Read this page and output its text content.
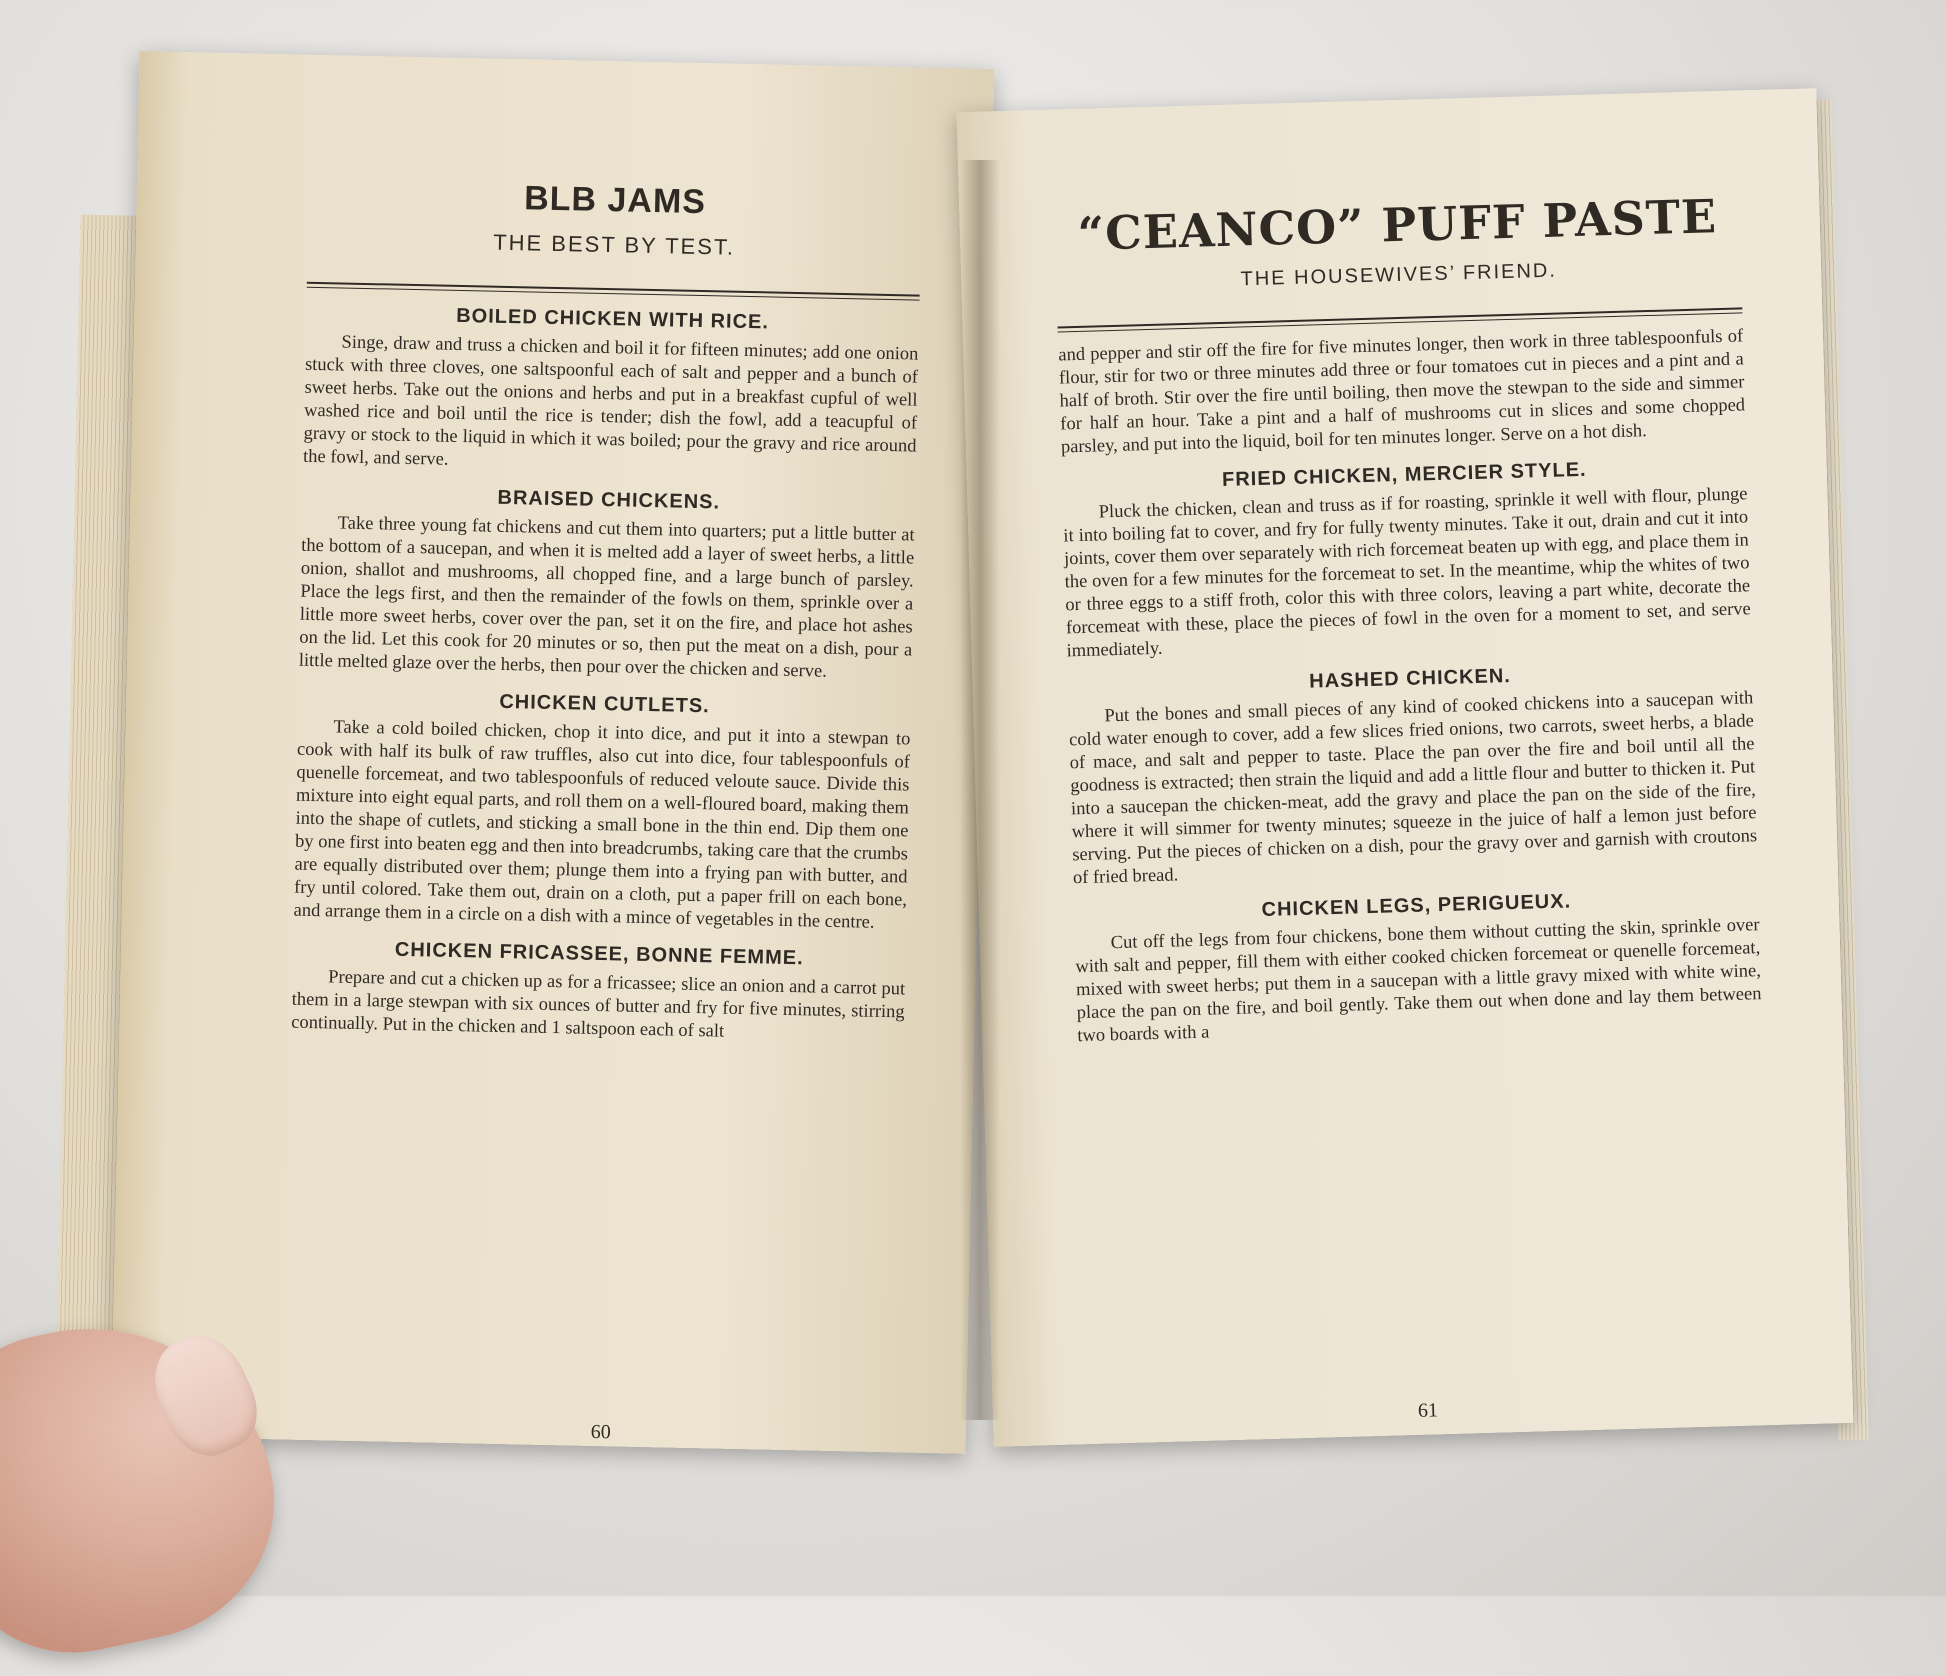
BLB JAMS

THE BEST BY TEST.

BOILED CHICKEN WITH RICE.

Singe, draw and truss a chicken and boil it for fifteen minutes; add one onion stuck with three cloves, one saltspoonful each of salt and pepper and a bunch of sweet herbs. Take out the onions and herbs and put in a breakfast cupful of well washed rice and boil until the rice is tender; dish the fowl, add a teacupful of gravy or stock to the liquid in which it was boiled; pour the gravy and rice around the fowl, and serve.

BRAISED CHICKENS.

Take three young fat chickens and cut them into quarters; put a little butter at the bottom of a saucepan, and when it is melted add a layer of sweet herbs, a little onion, shallot and mushrooms, all chopped fine, and a large bunch of parsley. Place the legs first, and then the remainder of the fowls on them, sprinkle over a little more sweet herbs, cover over the pan, set it on the fire, and place hot ashes on the lid. Let this cook for 20 minutes or so, then put the meat on a dish, pour a little melted glaze over the herbs, then pour over the chicken and serve.

CHICKEN CUTLETS.

Take a cold boiled chicken, chop it into dice, and put it into a stewpan to cook with half its bulk of raw truffles, also cut into dice, four tablespoonfuls of quenelle forcemeat, and two tablespoonfuls of reduced veloute sauce. Divide this mixture into eight equal parts, and roll them on a well-floured board, making them into the shape of cutlets, and sticking a small bone in the thin end. Dip them one by one first into beaten egg and then into breadcrumbs, taking care that the crumbs are equally distributed over them; plunge them into a frying pan with butter, and fry until colored. Take them out, drain on a cloth, put a paper frill on each bone, and arrange them in a circle on a dish with a mince of vegetables in the centre.

CHICKEN FRICASSEE, BONNE FEMME.

Prepare and cut a chicken up as for a fricassee; slice an onion and a carrot put them in a large stewpan with six ounces of butter and fry for five minutes, stirring continually. Put in the chicken and 1 saltspoon each of salt

60
“CEANCO” PUFF PASTE

THE HOUSEWIVES’ FRIEND.

and pepper and stir off the fire for five minutes longer, then work in three tablespoonfuls of flour, stir for two or three minutes add three or four tomatoes cut in pieces and a pint and a half of broth. Stir over the fire until boiling, then move the stewpan to the side and simmer for half an hour. Take a pint and a half of mushrooms cut in slices and some chopped parsley, and put into the liquid, boil for ten minutes longer. Serve on a hot dish.

FRIED CHICKEN, MERCIER STYLE.

Pluck the chicken, clean and truss as if for roasting, sprinkle it well with flour, plunge it into boiling fat to cover, and fry for fully twenty minutes. Take it out, drain and cut it into joints, cover them over separately with rich forcemeat beaten up with egg, and place them in the oven for a few minutes for the forcemeat to set. In the meantime, whip the whites of two or three eggs to a stiff froth, color this with three colors, leaving a part white, decorate the forcemeat with these, place the pieces of fowl in the oven for a moment to set, and serve immediately.

HASHED CHICKEN.

Put the bones and small pieces of any kind of cooked chickens into a saucepan with cold water enough to cover, add a few slices fried onions, two carrots, sweet herbs, a blade of mace, and salt and pepper to taste. Place the pan over the fire and boil until all the goodness is extracted; then strain the liquid and add a little flour and butter to thicken it. Put into a saucepan the chicken-meat, add the gravy and place the pan on the side of the fire, where it will simmer for twenty minutes; squeeze in the juice of half a lemon just before serving. Put the pieces of chicken on a dish, pour the gravy over and garnish with croutons of fried bread.

CHICKEN LEGS, PERIGUEUX.

Cut off the legs from four chickens, bone them without cutting the skin, sprinkle over with salt and pepper, fill them with either cooked chicken forcemeat or quenelle forcemeat, mixed with sweet herbs; put them in a saucepan with a little gravy mixed with white wine, place the pan on the fire, and boil gently. Take them out when done and lay them between two boards with a

61
